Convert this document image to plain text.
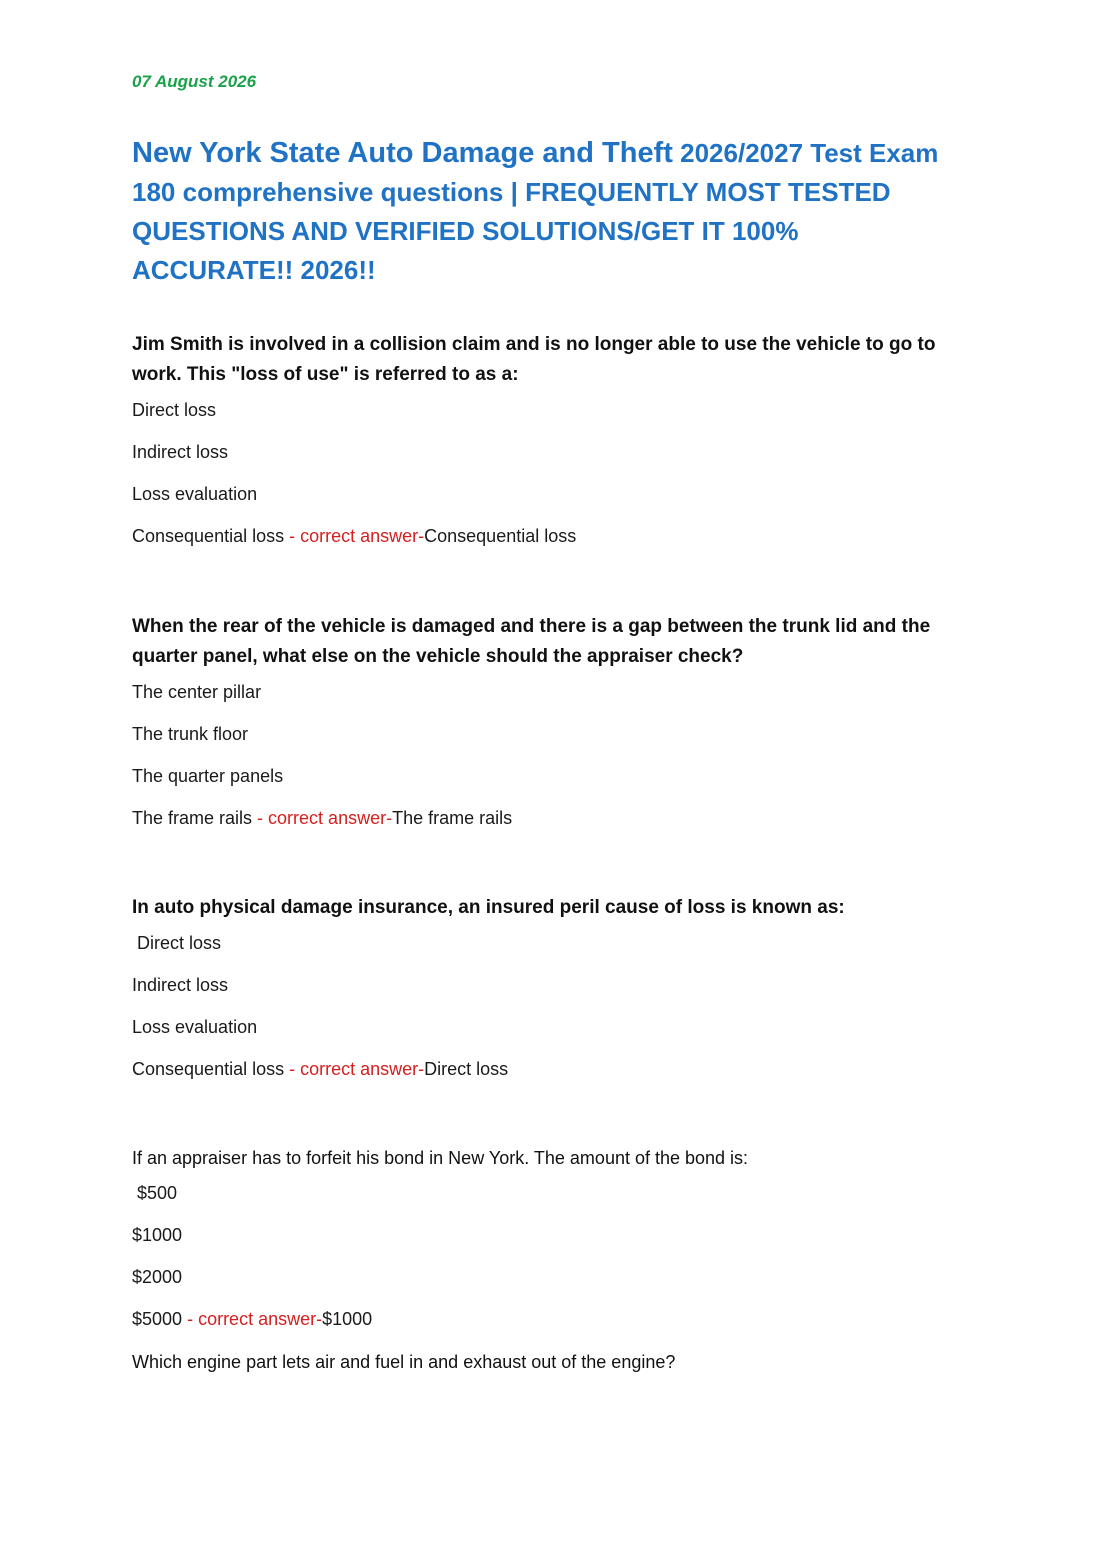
07 August 2026
New York State Auto Damage and Theft 2026/2027 Test Exam 180 comprehensive questions | FREQUENTLY MOST TESTED QUESTIONS AND VERIFIED SOLUTIONS/GET IT 100% ACCURATE!! 2026!!
Jim Smith is involved in a collision claim and is no longer able to use the vehicle to go to work. This "loss of use" is referred to as a:
Direct loss
Indirect loss
Loss evaluation
Consequential loss - correct answer-Consequential loss
When the rear of the vehicle is damaged and there is a gap between the trunk lid and the quarter panel, what else on the vehicle should the appraiser check?
The center pillar
The trunk floor
The quarter panels
The frame rails - correct answer-The frame rails
In auto physical damage insurance, an insured peril cause of loss is known as:
Direct loss
Indirect loss
Loss evaluation
Consequential loss - correct answer-Direct loss
If an appraiser has to forfeit his bond in New York. The amount of the bond is:
$500
$1000
$2000
$5000 - correct answer-$1000
Which engine part lets air and fuel in and exhaust out of the engine?
